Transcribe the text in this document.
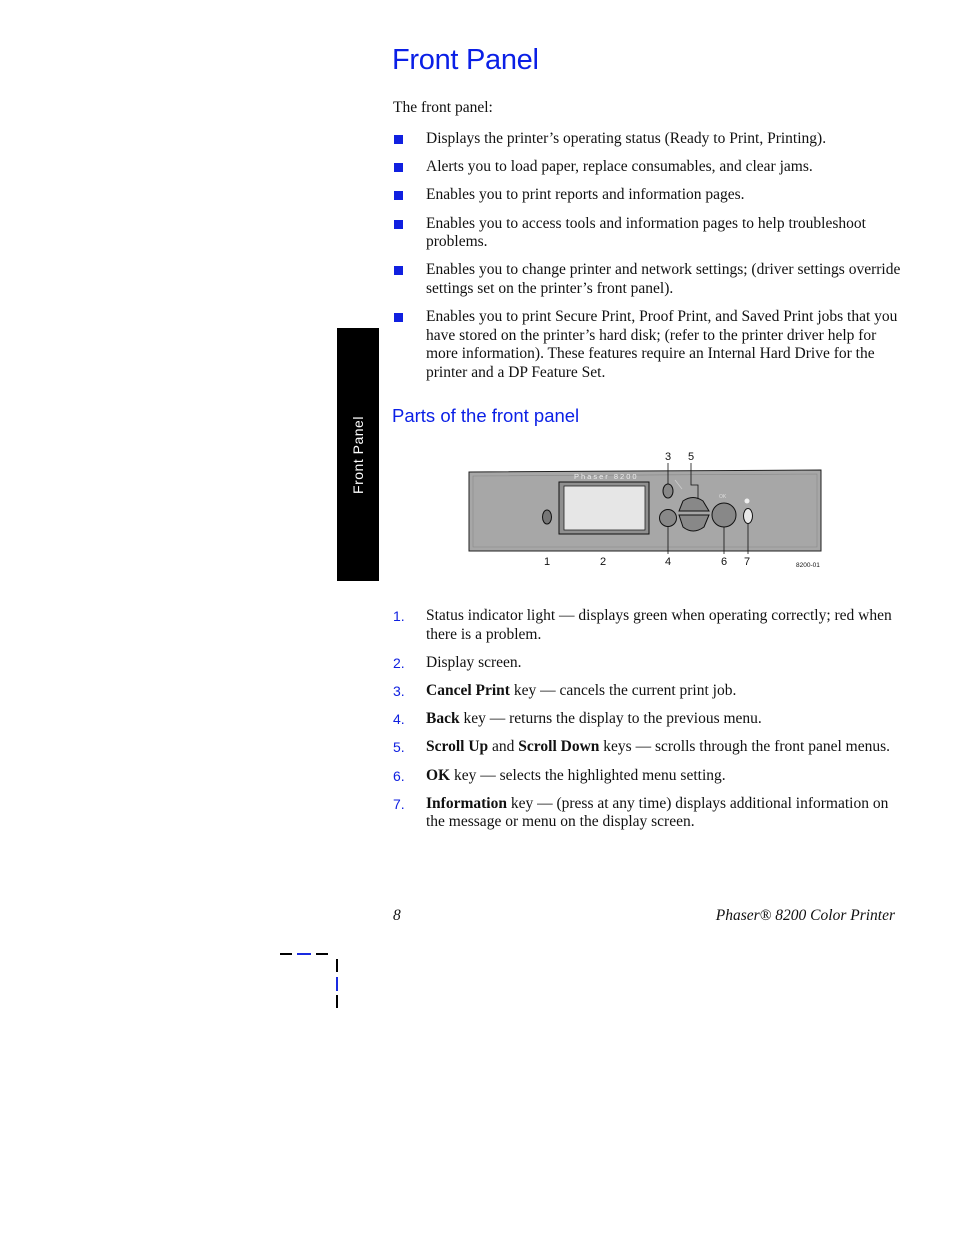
Front Panel

The front panel:

Displays the printer’s operating status (Ready to Print, Printing).
Alerts you to load paper, replace consumables, and clear jams.
Enables you to print reports and information pages.
Enables you to access tools and information pages to help troubleshoot problems.
Enables you to change printer and network settings; (driver settings override settings set on the printer’s front panel).
Enables you to print Secure Print, Proof Print, and Saved Print jobs that you have stored on the printer’s hard disk; (refer to the printer driver help for more information). These features require an Internal Hard Drive for the printer and a DP Feature Set.
Front Panel
Parts of the front panel
Phaser 8200
OK
3 5
1	2	4	6 7	8200-01
1. Status indicator light — displays green when operating correctly; red when there is a problem.
2. Display screen.
3. Cancel Print key — cancels the current print job.
4. Back key — returns the display to the previous menu.
5. Scroll Up and Scroll Down keys — scrolls through the front panel menus.
6. OK key — selects the highlighted menu setting.
7. Information key — (press at any time) displays additional information on the message or menu on the display screen.
8	Phaser® 8200 Color Printer
